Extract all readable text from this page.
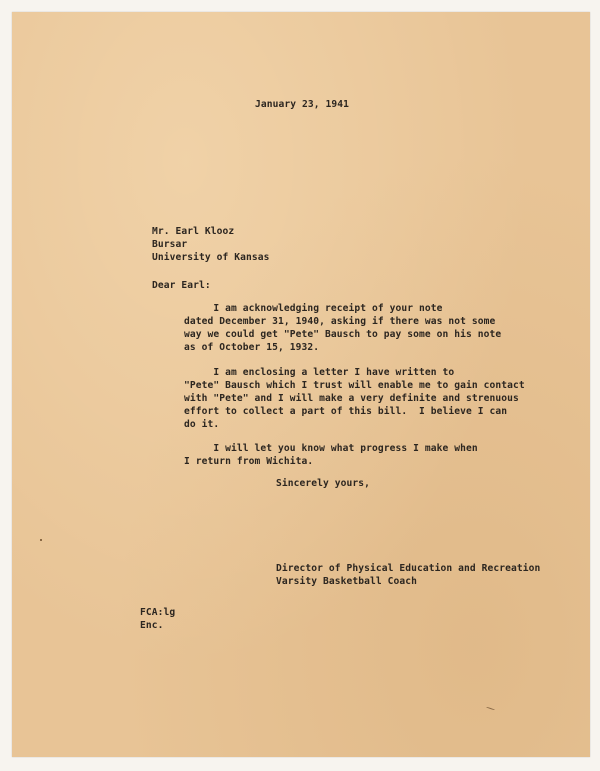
January 23, 1941
Mr. Earl Klooz
Bursar
University of Kansas
Dear Earl:
I am acknowledging receipt of your note
dated December 31, 1940, asking if there was not some
way we could get "Pete" Bausch to pay some on his note
as of October 15, 1932.
I am enclosing a letter I have written to
"Pete" Bausch which I trust will enable me to gain contact
with "Pete" and I will make a very definite and strenuous
effort to collect a part of this bill.  I believe I can
do it.
I will let you know what progress I make when
I return from Wichita.
Sincerely yours,
Director of Physical Education and Recreation
Varsity Basketball Coach
FCA:lg
Enc.
